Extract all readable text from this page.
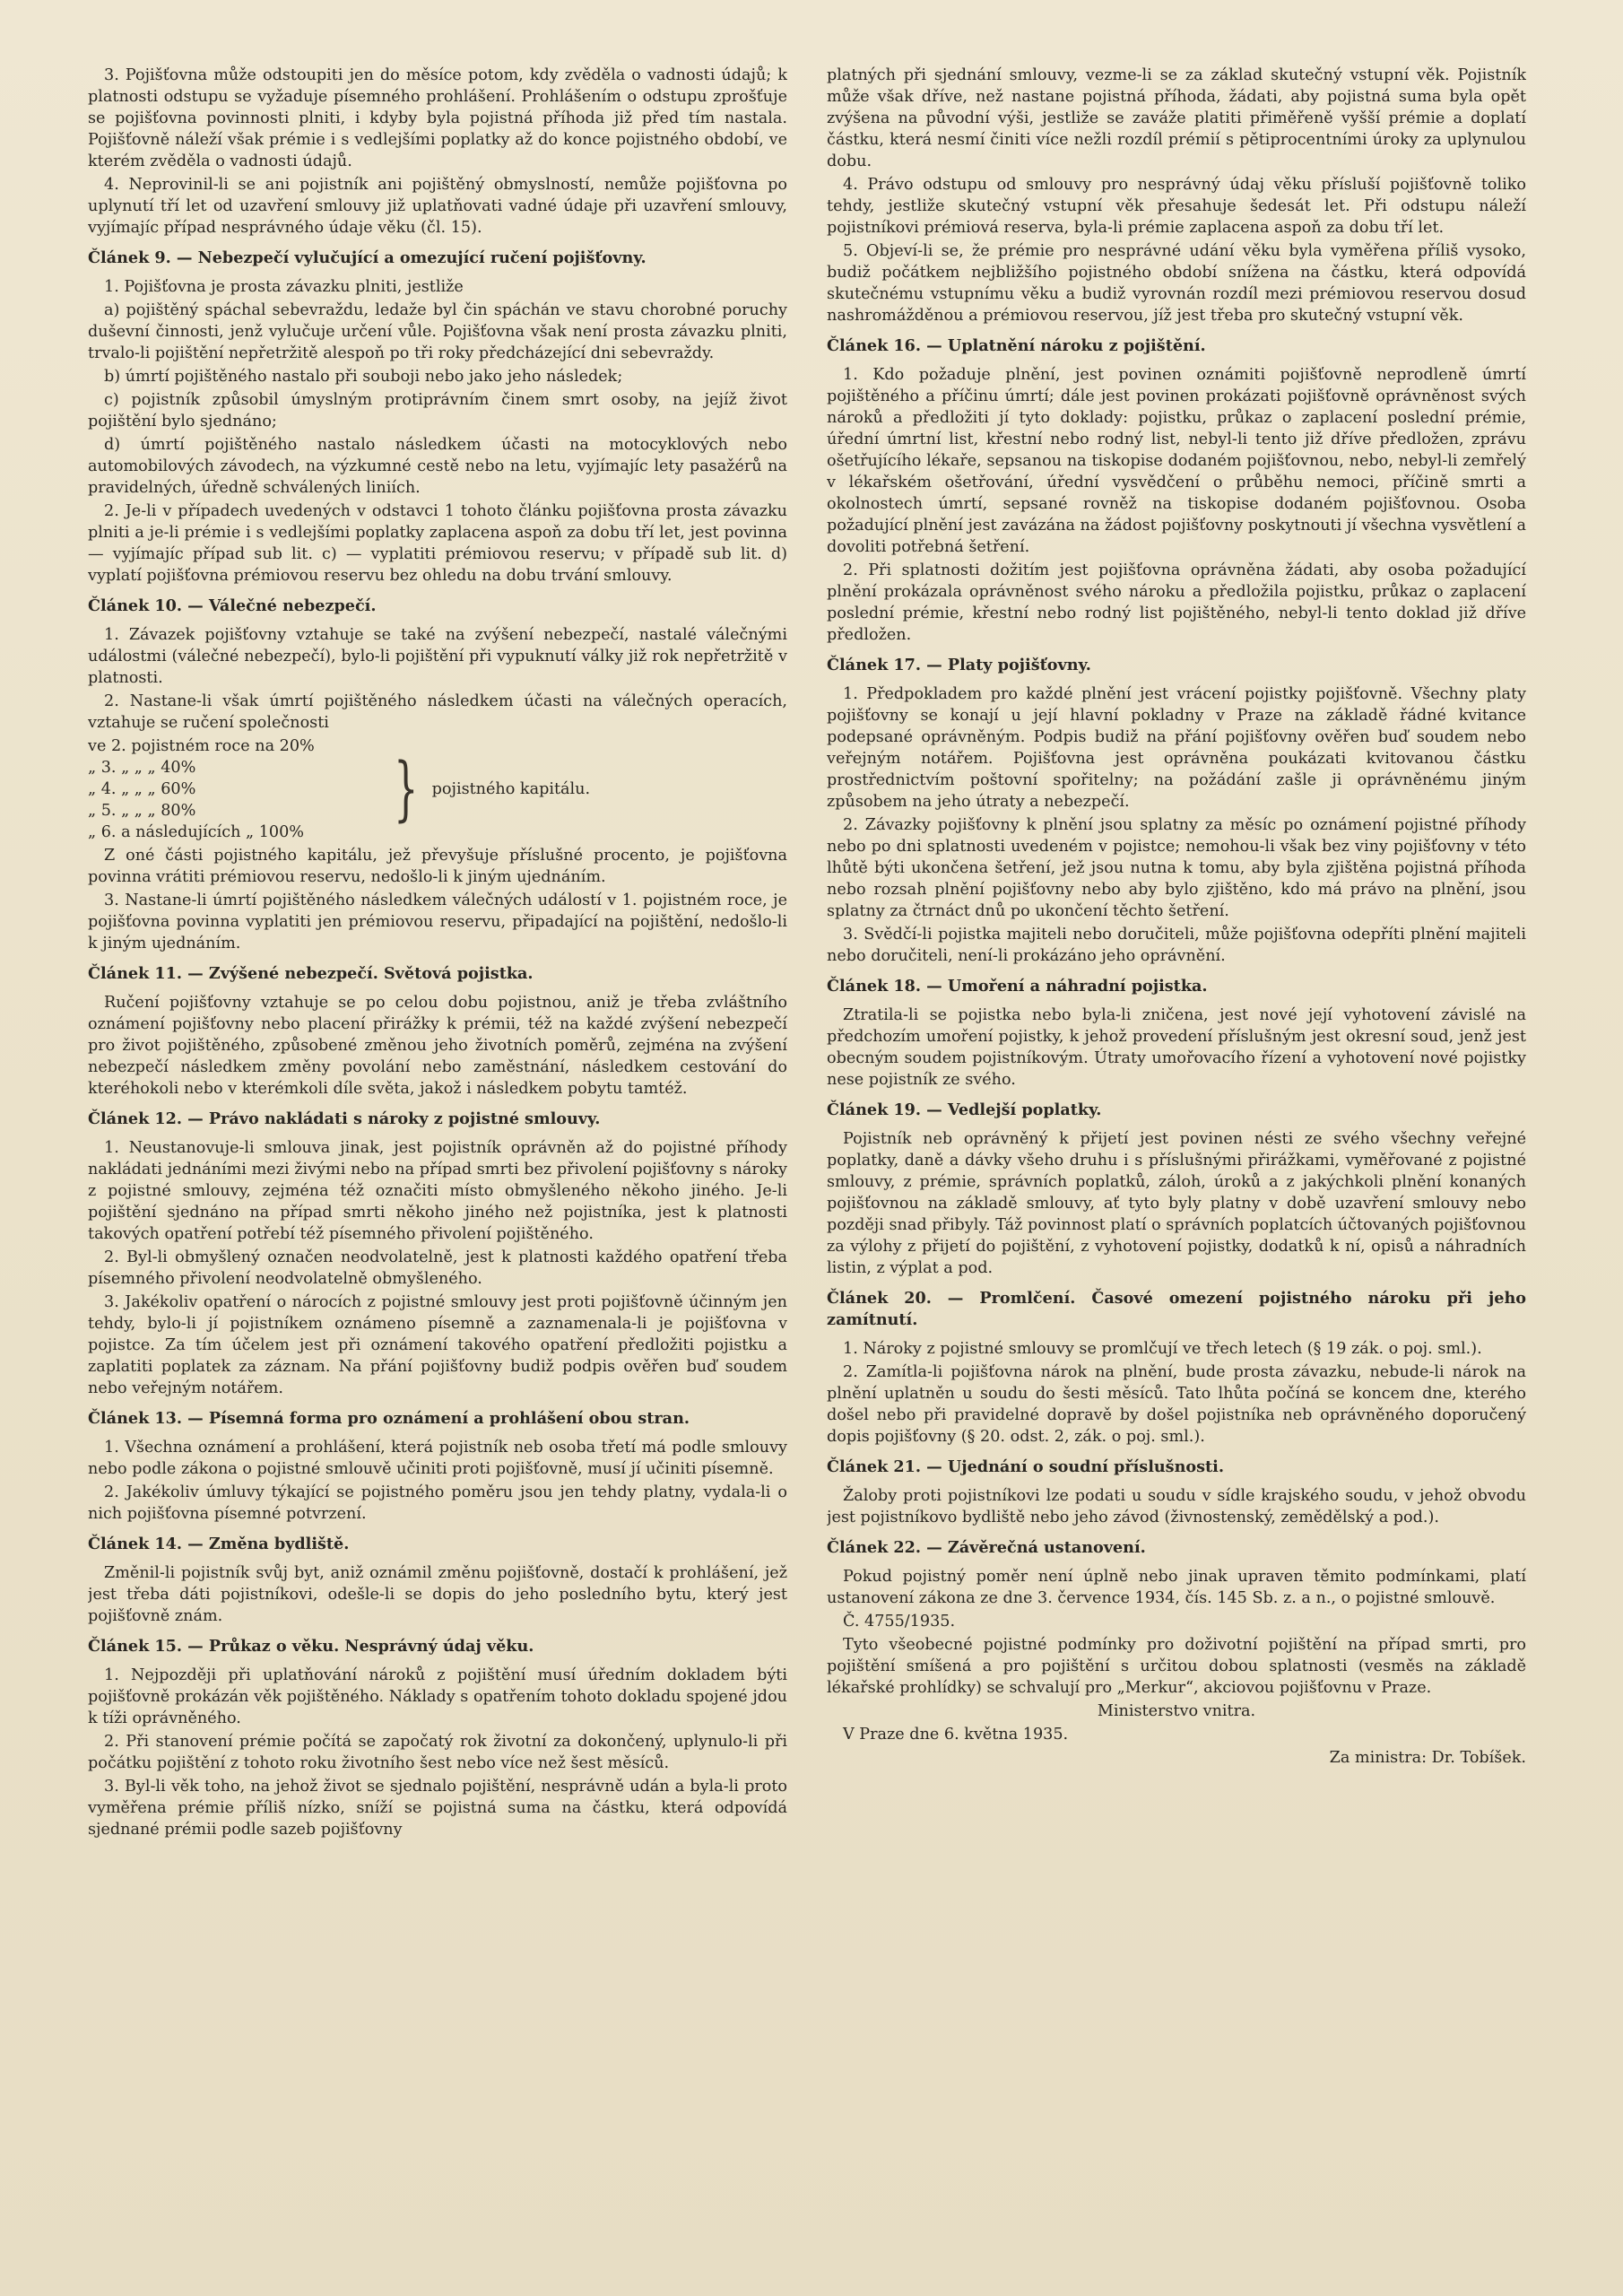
3. Pojišťovna může odstoupiti jen do měsíce potom, kdy zvěděla o vadnosti údajů; k platnosti odstupu se vyžaduje písemného prohlášení. Prohlášením o odstupu zprošťuje se pojišťovna povinnosti plniti, i kdyby byla pojistná příhoda již před tím nastala. Pojišťovně náleží však prémie i s vedlejšími poplatky až do konce pojistného období, ve kterém zvěděla o vadnosti údajů.

4. Neprovinil-li se ani pojistník ani pojištěný obmyslností, nemůže pojišťovna po uplynutí tří let od uzavření smlouvy již uplatňovati vadné údaje při uzavření smlouvy, vyjímajíc případ nesprávného údaje věku (čl. 15).

Článek 9. — Nebezpečí vylučující a omezující ručení pojišťovny.

1. Pojišťovna je prosta závazku plniti, jestliže

a) pojištěný spáchal sebevraždu, ledaže byl čin spáchán ve stavu chorobné poruchy duševní činnosti, jenž vylučuje určení vůle. Pojišťovna však není prosta závazku plniti, trvalo-li pojištění nepřetržitě alespoň po tři roky předcházející dni sebevraždy.

b) úmrtí pojištěného nastalo při souboji nebo jako jeho následek;

c) pojistník způsobil úmyslným protiprávním činem smrt osoby, na jejíž život pojištění bylo sjednáno;

d) úmrtí pojištěného nastalo následkem účasti na motocyklových nebo automobilových závodech, na výzkumné cestě nebo na letu, vyjímajíc lety pasažérů na pravidelných, úředně schválených liniích.

2. Je-li v případech uvedených v odstavci 1 tohoto článku pojišťovna prosta závazku plniti a je-li prémie i s vedlejšími poplatky zaplacena aspoň za dobu tří let, jest povinna — vyjímajíc případ sub lit. c) — vyplatiti prémiovou reservu; v případě sub lit. d) vyplatí pojišťovna prémiovou reservu bez ohledu na dobu trvání smlouvy.

Článek 10. — Válečné nebezpečí.

1. Závazek pojišťovny vztahuje se také na zvýšení nebezpečí, nastalé válečnými událostmi (válečné nebezpečí), bylo-li pojištění při vypuknutí války již rok nepřetržitě v platnosti.

2. Nastane-li však úmrtí pojištěného následkem účasti na válečných operacích, vztahuje se ručení společnosti

ve 2. pojistném roce na 20%
„ 3. „ „ „ 40%
„ 4. „ „ „ 60%
„ 5. „ „ „ 80%
„ 6. a následujících „ 100%
} pojistného kapitálu.

Z oné části pojistného kapitálu, jež převyšuje příslušné procento, je pojišťovna povinna vrátiti prémiovou reservu, nedošlo-li k jiným ujednáním.

3. Nastane-li úmrtí pojištěného následkem válečných událostí v 1. pojistném roce, je pojišťovna povinna vyplatiti jen prémiovou reservu, připadající na pojištění, nedošlo-li k jiným ujednáním.

Článek 11. — Zvýšené nebezpečí. Světová pojistka.

Ručení pojišťovny vztahuje se po celou dobu pojistnou, aniž je třeba zvláštního oznámení pojišťovny nebo placení přirážky k prémii, též na každé zvýšení nebezpečí pro život pojištěného, způsobené změnou jeho životních poměrů, zejména na zvýšení nebezpečí následkem změny povolání nebo zaměstnání, následkem cestování do kteréhokoli nebo v kterémkoli díle světa, jakož i následkem pobytu tamtéž.

Článek 12. — Právo nakládati s nároky z pojistné smlouvy.

1. Neustanovuje-li smlouva jinak, jest pojistník oprávněn až do pojistné příhody nakládati jednáními mezi živými nebo na případ smrti bez přivolení pojišťovny s nároky z pojistné smlouvy, zejména též označiti místo obmyšleného někoho jiného. Je-li pojištění sjednáno na případ smrti někoho jiného než pojistníka, jest k platnosti takových opatření potřebí též písemného přivolení pojištěného.

2. Byl-li obmyšlený označen neodvolatelně, jest k platnosti každého opatření třeba písemného přivolení neodvolatelně obmyšleného.

3. Jakékoliv opatření o nárocích z pojistné smlouvy jest proti pojišťovně účinným jen tehdy, bylo-li jí pojistníkem oznámeno písemně a zaznamenala-li je pojišťovna v pojistce. Za tím účelem jest při oznámení takového opatření předložiti pojistku a zaplatiti poplatek za záznam. Na přání pojišťovny budiž podpis ověřen buď soudem nebo veřejným notářem.

Článek 13. — Písemná forma pro oznámení a prohlášení obou stran.

1. Všechna oznámení a prohlášení, která pojistník neb osoba třetí má podle smlouvy nebo podle zákona o pojistné smlouvě učiniti proti pojišťovně, musí jí učiniti písemně.

2. Jakékoliv úmluvy týkající se pojistného poměru jsou jen tehdy platny, vydala-li o nich pojišťovna písemné potvrzení.

Článek 14. — Změna bydliště.

Změnil-li pojistník svůj byt, aniž oznámil změnu pojišťovně, dostačí k prohlášení, jež jest třeba dáti pojistníkovi, odešle-li se dopis do jeho posledního bytu, který jest pojišťovně znám.

Článek 15. — Průkaz o věku. Nesprávný údaj věku.

1. Nejpozději při uplatňování nároků z pojištění musí úředním dokladem býti pojišťovně prokázán věk pojištěného. Náklady s opatřením tohoto dokladu spojené jdou k tíži oprávněného.

2. Při stanovení prémie počítá se započatý rok životní za dokončený, uplynulo-li při počátku pojištění z tohoto roku životního šest nebo více než šest měsíců.

3. Byl-li věk toho, na jehož život se sjednalo pojištění, nesprávně udán a byla-li proto vyměřena prémie příliš nízko, sníží se pojistná suma na částku, která odpovídá sjednané prémii podle sazeb pojišťovny

platných při sjednání smlouvy, vezme-li se za základ skutečný vstupní věk. Pojistník může však dříve, než nastane pojistná příhoda, žádati, aby pojistná suma byla opět zvýšena na původní výši, jestliže se zaváže platiti přiměřeně vyšší prémie a doplatí částku, která nesmí činiti více nežli rozdíl prémií s pětiprocentními úroky za uplynulou dobu.

4. Právo odstupu od smlouvy pro nesprávný údaj věku přísluší pojišťovně toliko tehdy, jestliže skutečný vstupní věk přesahuje šedesát let. Při odstupu náleží pojistníkovi prémiová reserva, byla-li prémie zaplacena aspoň za dobu tří let.

5. Objeví-li se, že prémie pro nesprávné udání věku byla vyměřena příliš vysoko, budiž počátkem nejbližšího pojistného období snížena na částku, která odpovídá skutečnému vstupnímu věku a budiž vyrovnán rozdíl mezi prémiovou reservou dosud nashromážděnou a prémiovou reservou, jíž jest třeba pro skutečný vstupní věk.

Článek 16. — Uplatnění nároku z pojištění.

1. Kdo požaduje plnění, jest povinen oznámiti pojišťovně neprodleně úmrtí pojištěného a příčinu úmrtí; dále jest povinen prokázati pojišťovně oprávněnost svých nároků a předložiti jí tyto doklady: pojistku, průkaz o zaplacení poslední prémie, úřední úmrtní list, křestní nebo rodný list, nebyl-li tento již dříve předložen, zprávu ošetřujícího lékaře, sepsanou na tiskopise dodaném pojišťovnou, nebo, nebyl-li zemřelý v lékařském ošetřování, úřední vysvědčení o průběhu nemoci, příčině smrti a okolnostech úmrtí, sepsané rovněž na tiskopise dodaném pojišťovnou. Osoba požadující plnění jest zavázána na žádost pojišťovny poskytnouti jí všechna vysvětlení a dovoliti potřebná šetření.

2. Při splatnosti dožitím jest pojišťovna oprávněna žádati, aby osoba požadující plnění prokázala oprávněnost svého nároku a předložila pojistku, průkaz o zaplacení poslední prémie, křestní nebo rodný list pojištěného, nebyl-li tento doklad již dříve předložen.

Článek 17. — Platy pojišťovny.

1. Předpokladem pro každé plnění jest vrácení pojistky pojišťovně. Všechny platy pojišťovny se konají u její hlavní pokladny v Praze na základě řádné kvitance podepsané oprávněným. Podpis budiž na přání pojišťovny ověřen buď soudem nebo veřejným notářem. Pojišťovna jest oprávněna poukázati kvitovanou částku prostřednictvím poštovní spořitelny; na požádání zašle ji oprávněnému jiným způsobem na jeho útraty a nebezpečí.

2. Závazky pojišťovny k plnění jsou splatny za měsíc po oznámení pojistné příhody nebo po dni splatnosti uvedeném v pojistce; nemohou-li však bez viny pojišťovny v této lhůtě býti ukončena šetření, jež jsou nutna k tomu, aby byla zjištěna pojistná příhoda nebo rozsah plnění pojišťovny nebo aby bylo zjištěno, kdo má právo na plnění, jsou splatny za čtrnáct dnů po ukončení těchto šetření.

3. Svědčí-li pojistka majiteli nebo doručiteli, může pojišťovna odepříti plnění majiteli nebo doručiteli, není-li prokázáno jeho oprávnění.

Článek 18. — Umoření a náhradní pojistka.

Ztratila-li se pojistka nebo byla-li zničena, jest nové její vyhotovení závislé na předchozím umoření pojistky, k jehož provedení příslušným jest okresní soud, jenž jest obecným soudem pojistníkovým. Útraty umořovacího řízení a vyhotovení nové pojistky nese pojistník ze svého.

Článek 19. — Vedlejší poplatky.

Pojistník neb oprávněný k přijetí jest povinen nésti ze svého všechny veřejné poplatky, daně a dávky všeho druhu i s příslušnými přirážkami, vyměřované z pojistné smlouvy, z prémie, správních poplatků, záloh, úroků a z jakýchkoli plnění konaných pojišťovnou na základě smlouvy, ať tyto byly platny v době uzavření smlouvy nebo později snad přibyly. Táž povinnost platí o správních poplatcích účtovaných pojišťovnou za výlohy z přijetí do pojištění, z vyhotovení pojistky, dodatků k ní, opisů a náhradních listin, z výplat a pod.

Článek 20. — Promlčení. Časové omezení pojistného nároku při jeho zamítnutí.

1. Nároky z pojistné smlouvy se promlčují ve třech letech (§ 19 zák. o poj. sml.).

2. Zamítla-li pojišťovna nárok na plnění, bude prosta závazku, nebude-li nárok na plnění uplatněn u soudu do šesti měsíců. Tato lhůta počíná se koncem dne, kterého došel nebo při pravidelné dopravě by došel pojistníka neb oprávněného doporučený dopis pojišťovny (§ 20. odst. 2, zák. o poj. sml.).

Článek 21. — Ujednání o soudní příslušnosti.

Žaloby proti pojistníkovi lze podati u soudu v sídle krajského soudu, v jehož obvodu jest pojistníkovo bydliště nebo jeho závod (živnostenský, zemědělský a pod.).

Článek 22. — Závěrečná ustanovení.

Pokud pojistný poměr není úplně nebo jinak upraven těmito podmínkami, platí ustanovení zákona ze dne 3. července 1934, čís. 145 Sb. z. a n., o pojistné smlouvě.

Č. 4755/1935.

Tyto všeobecné pojistné podmínky pro doživotní pojištění na případ smrti, pro pojištění smíšená a pro pojištění s určitou dobou splatnosti (vesměs na základě lékařské prohlídky) se schvalují pro „Merkur“, akciovou pojišťovnu v Praze.

Ministerstvo vnitra.

V Praze dne 6. května 1935.

Za ministra: Dr. Tobíšek.
